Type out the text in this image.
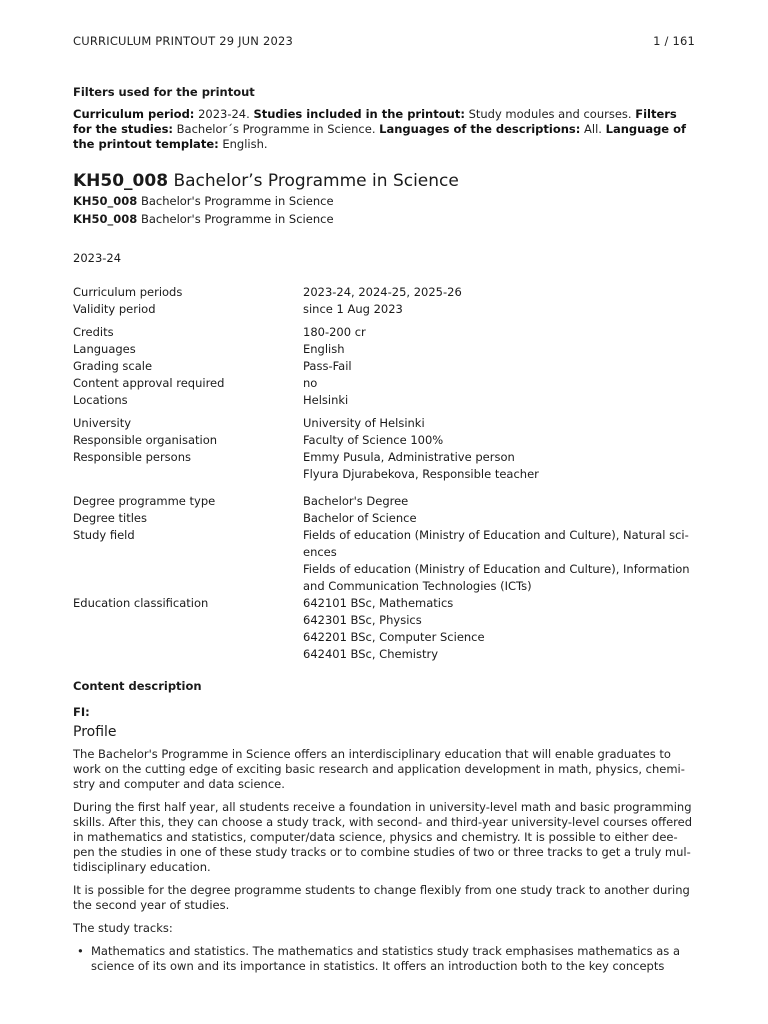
CURRICULUM PRINTOUT 29 JUN 2023	1 / 161
Filters used for the printout
Curriculum period: 2023-24. Studies included in the printout: Study modules and courses. Filters for the studies: Bachelor´s Programme in Science. Languages of the descriptions: All. Language of the printout template: English.
KH50_008 Bachelor’s Programme in Science
KH50_008 Bachelor's Programme in Science
KH50_008 Bachelor's Programme in Science
2023-24
Curriculum periods	2023-24, 2024-25, 2025-26
Validity period	since 1 Aug 2023
Credits	180-200 cr
Languages	English
Grading scale	Pass-Fail
Content approval required	no
Locations	Helsinki
University	University of Helsinki
Responsible organisation	Faculty of Science 100%
Responsible persons	Emmy Pusula, Administrative person
Flyura Djurabekova, Responsible teacher
Degree programme type	Bachelor's Degree
Degree titles	Bachelor of Science
Study field	Fields of education (Ministry of Education and Culture), Natural sci-
ences
Fields of education (Ministry of Education and Culture), Information
and Communication Technologies (ICTs)
Education classification	642101 BSc, Mathematics
642301 BSc, Physics
642201 BSc, Computer Science
642401 BSc, Chemistry
Content description
FI:
Profile

The Bachelor's Programme in Science offers an interdisciplinary education that will enable graduates to work on the cutting edge of exciting basic research and application development in math, physics, chemi- stry and computer and data science.

During the first half year, all students receive a foundation in university-level math and basic programming skills. After this, they can choose a study track, with second- and third-year university-level courses offered in mathematics and statistics, computer/data science, physics and chemistry. It is possible to either dee- pen the studies in one of these study tracks or to combine studies of two or three tracks to get a truly mul- tidisciplinary education.

It is possible for the degree programme students to change flexibly from one study track to another during the second year of studies.

The study tracks:

• Mathematics and statistics. The mathematics and statistics study track emphasises mathematics as a science of its own and its importance in statistics. It offers an introduction both to the key concepts
